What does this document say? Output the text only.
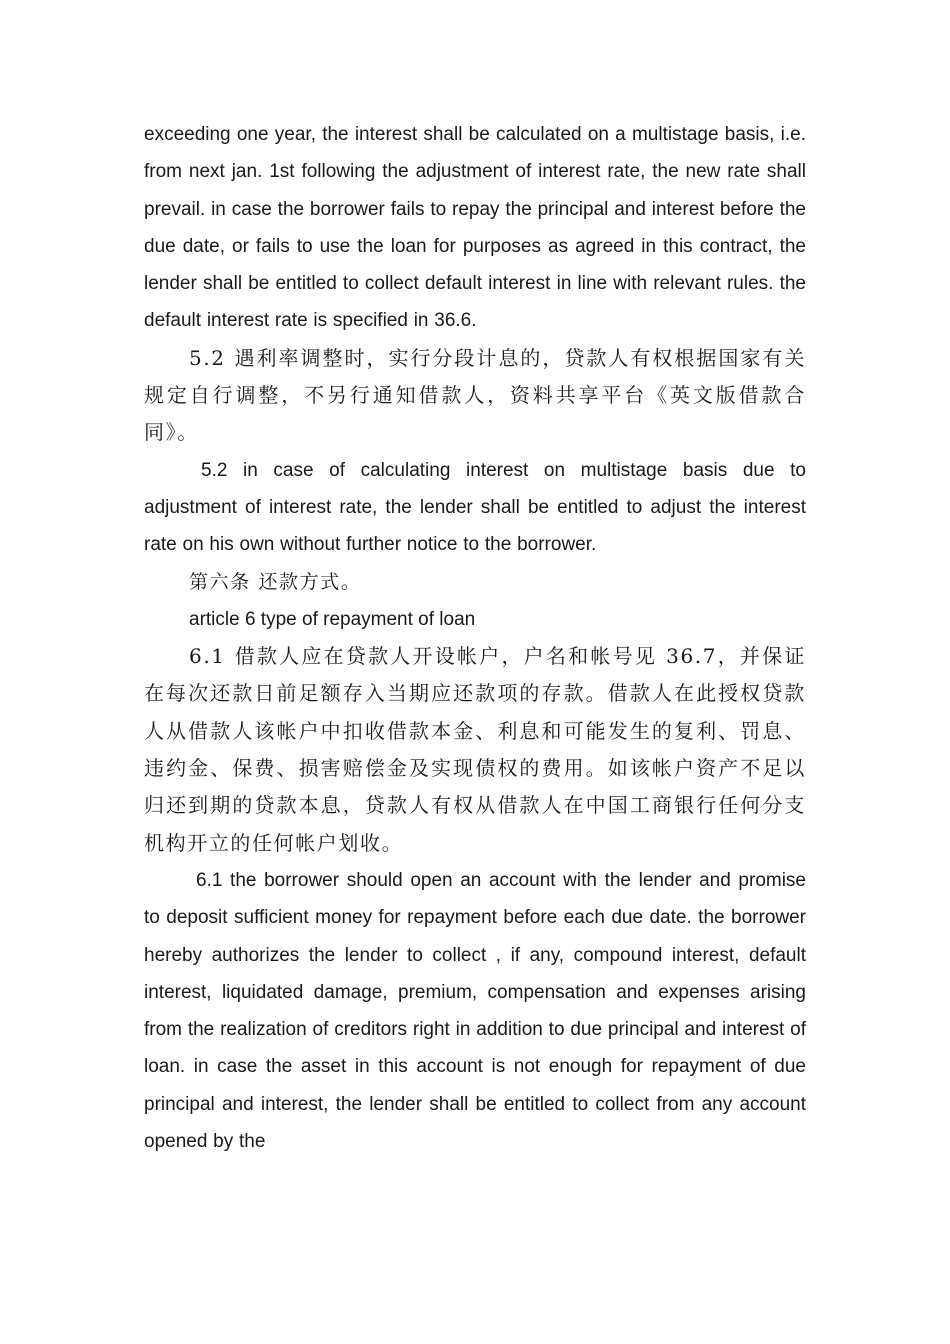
exceeding one year, the interest shall be calculated on a multistage basis, i.e. from next jan. 1st following the adjustment of interest rate, the new rate shall prevail. in case the borrower fails to repay the principal and interest before the due date, or fails to use the loan for purposes as agreed in this contract, the lender shall be entitled to collect default interest in line with relevant rules. the default interest rate is specified in 36.6.

5.2 遇利率调整时，实行分段计息的，贷款人有权根据国家有关规定自行调整，不另行通知借款人，资料共享平台《英文版借款合同》。

5.2 in case of calculating interest on multistage basis due to adjustment of interest rate, the lender shall be entitled to adjust the interest rate on his own without further notice to the borrower.

第六条 还款方式。

article 6 type of repayment of loan

6.1 借款人应在贷款人开设帐户，户名和帐号见 36.7，并保证在每次还款日前足额存入当期应还款项的存款。借款人在此授权贷款人从借款人该帐户中扣收借款本金、利息和可能发生的复利、罚息、违约金、保费、损害赔偿金及实现债权的费用。如该帐户资产不足以归还到期的贷款本息，贷款人有权从借款人在中国工商银行任何分支机构开立的任何帐户划收。

6.1 the borrower should open an account with the lender and promise to deposit sufficient money for repayment before each due date. the borrower hereby authorizes the lender to collect , if any, compound interest, default interest, liquidated damage, premium, compensation and expenses arising from the realization of creditors right in addition to due principal and interest of loan. in case the asset in this account is not enough for repayment of due principal and interest, the lender shall be entitled to collect from any account opened by the
